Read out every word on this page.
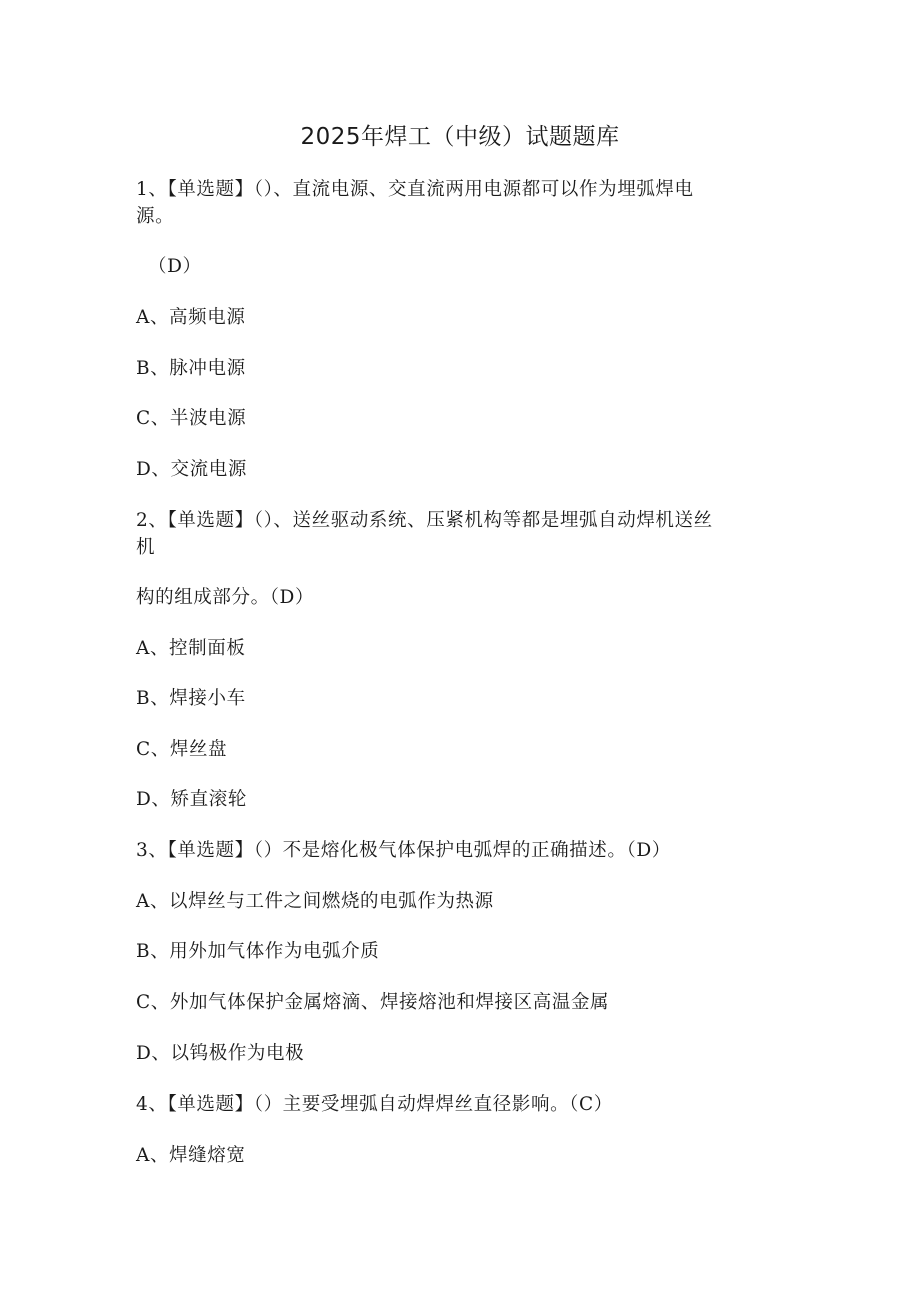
2025年焊工（中级）试题题库
1、【单选题】（）、直流电源、交直流两用电源都可以作为埋弧焊电
源。
（D）
A、高频电源
B、脉冲电源
C、半波电源
D、交流电源
2、【单选题】（）、送丝驱动系统、压紧机构等都是埋弧自动焊机送丝
机
构的组成部分。（D）
A、控制面板
B、焊接小车
C、焊丝盘
D、矫直滚轮
3、【单选题】（）不是熔化极气体保护电弧焊的正确描述。（D）
A、以焊丝与工件之间燃烧的电弧作为热源
B、用外加气体作为电弧介质
C、外加气体保护金属熔滴、焊接熔池和焊接区高温金属
D、以钨极作为电极
4、【单选题】（）主要受埋弧自动焊焊丝直径影响。（C）
A、焊缝熔宽
